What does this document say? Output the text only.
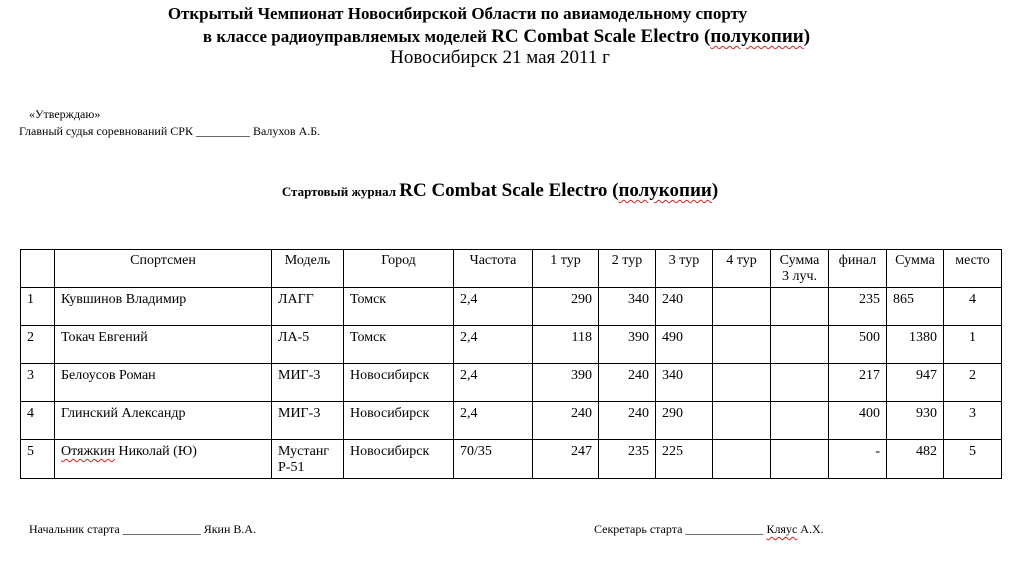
Открытый Чемпионат Новосибирской Области по авиамодельному спорту
в классе радиоуправляемых моделей RC Combat Scale Electro (полукопии)
Новосибирск 21 мая 2011 г
«Утверждаю»
Главный судья соревнований СРК _________ Валухов А.Б.
Стартовый журнал RC Combat Scale Electro (полукопии)
	Спортсмен	Модель	Город	Частота	1 тур	2 тур	3 тур	4 тур	Сумма 3 луч.	финал	Сумма	место
1	Кувшинов Владимир	ЛАГГ	Томск	2,4	290	340	240			235	865	4
2	Токач Евгений	ЛА-5	Томск	2,4	118	390	490			500	1380	1
3	Белоусов Роман	МИГ-3	Новосибирск	2,4	390	240	340			217	947	2
4	Глинский Александр	МИГ-3	Новосибирск	2,4	240	240	290			400	930	3
5	Отяжкин Николай (Ю)	Мустанг Р-51	Новосибирск	70/35	247	235	225			-	482	5
Начальник старта _____________ Якин В.А.	Секретарь старта _____________ Кляус А.Х.
